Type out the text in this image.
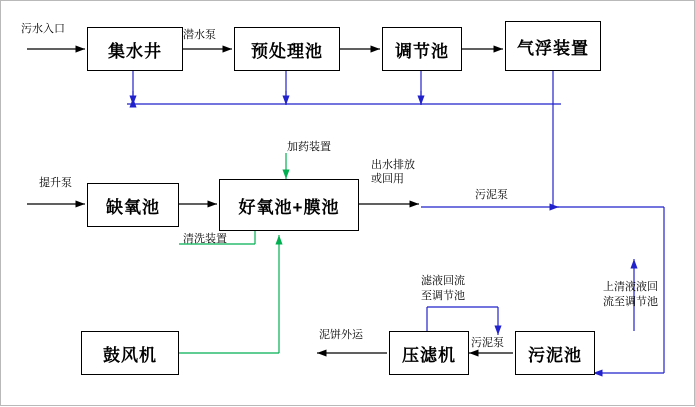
集水井	预处理池	调节池	气浮装置
缺氧池	好氧池+膜池
鼓风机	压滤机	污泥池
污水入口	潜水泵
提升泵
加药装置
清洗装置
出水排放
或回用
污泥泵
污泥泵
滤液回流
至调节池
上清液液回
流至调节池
泥饼外运
